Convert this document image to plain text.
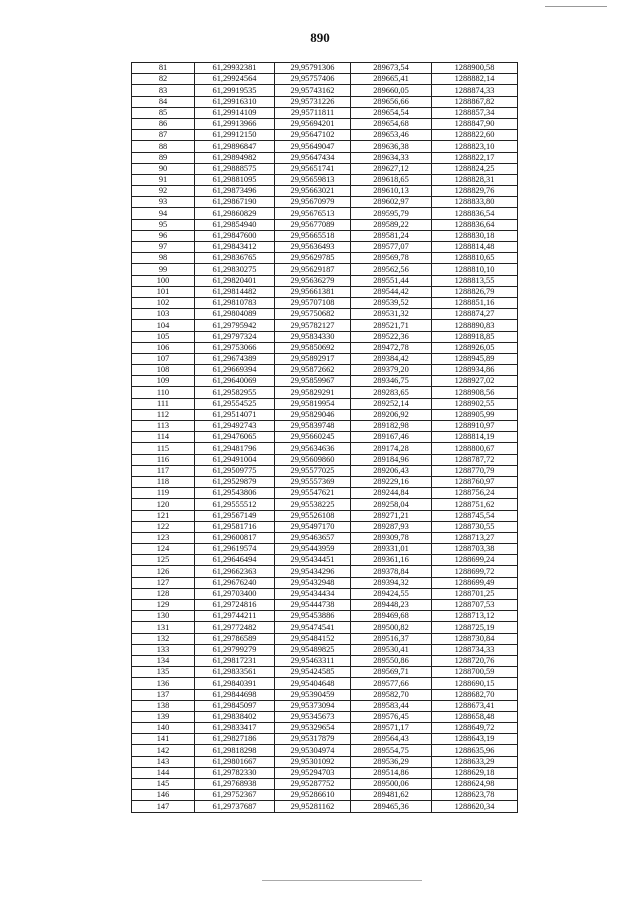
890
81	61,29932381	29,95791306	289673,54	1288900,58
82	61,29924564	29,95757406	289665,41	1288882,14
83	61,29919535	29,95743162	289660,05	1288874,33
84	61,29916310	29,95731226	289656,66	1288867,82
85	61,29914109	29,95711811	289654,54	1288857,34
86	61,29913966	29,95694201	289654,68	1288847,90
87	61,29912150	29,95647102	289653,46	1288822,60
88	61,29896847	29,95649047	289636,38	1288823,10
89	61,29894982	29,95647434	289634,33	1288822,17
90	61,29888575	29,95651741	289627,12	1288824,25
91	61,29881095	29,95659813	289618,65	1288828,31
92	61,29873496	29,95663021	289610,13	1288829,76
93	61,29867190	29,95670979	289602,97	1288833,80
94	61,29860829	29,95676513	289595,79	1288836,54
95	61,29854940	29,95677089	289589,22	1288836,64
96	61,29847600	29,95665518	289581,24	1288830,18
97	61,29843412	29,95636493	289577,07	1288814,48
98	61,29836765	29,95629785	289569,78	1288810,65
99	61,29830275	29,95629187	289562,56	1288810,10
100	61,29820401	29,95636279	289551,44	1288813,55
101	61,29814482	29,95661381	289544,42	1288826,79
102	61,29810783	29,95707108	289539,52	1288851,16
103	61,29804089	29,95750682	289531,32	1288874,27
104	61,29795942	29,95782127	289521,71	1288890,83
105	61,29797324	29,95834330	289522,36	1288918,85
106	61,29753066	29,95850692	289472,78	1288926,05
107	61,29674389	29,95892917	289384,42	1288945,89
108	61,29669394	29,95872662	289379,20	1288934,86
109	61,29640069	29,95859967	289346,75	1288927,02
110	61,29582955	29,95829291	289283,65	1288908,56
111	61,29554525	29,95819954	289252,14	1288902,55
112	61,29514071	29,95829046	289206,92	1288905,99
113	61,29492743	29,95839748	289182,98	1288910,97
114	61,29476065	29,95660245	289167,46	1288814,19
115	61,29481796	29,95634636	289174,28	1288800,67
116	61,29491004	29,95609860	289184,96	1288787,72
117	61,29509775	29,95577025	289206,43	1288770,79
118	61,29529879	29,95557369	289229,16	1288760,97
119	61,29543806	29,95547621	289244,84	1288756,24
120	61,29555512	29,95538225	289258,04	1288751,62
121	61,29567149	29,95526108	289271,21	1288745,54
122	61,29581716	29,95497170	289287,93	1288730,55
123	61,29600817	29,95463657	289309,78	1288713,27
124	61,29619574	29,95443959	289331,01	1288703,38
125	61,29646494	29,95434451	289361,16	1288699,24
126	61,29662363	29,95434296	289378,84	1288699,72
127	61,29676240	29,95432948	289394,32	1288699,49
128	61,29703400	29,95434434	289424,55	1288701,25
129	61,29724816	29,95444738	289448,23	1288707,53
130	61,29744211	29,95453886	289469,68	1288713,12
131	61,29772482	29,95474541	289500,82	1288725,19
132	61,29786589	29,95484152	289516,37	1288730,84
133	61,29799279	29,95489825	289530,41	1288734,33
134	61,29817231	29,95463311	289550,86	1288720,76
135	61,29833561	29,95424585	289569,71	1288700,59
136	61,29840391	29,95404648	289577,66	1288690,15
137	61,29844698	29,95390459	289582,70	1288682,70
138	61,29845097	29,95373094	289583,44	1288673,41
139	61,29838402	29,95345673	289576,45	1288658,48
140	61,29833417	29,95329654	289571,17	1288649,72
141	61,29827186	29,95317879	289564,43	1288643,19
142	61,29818298	29,95304974	289554,75	1288635,96
143	61,29801667	29,95301092	289536,29	1288633,29
144	61,29782330	29,95294703	289514,86	1288629,18
145	61,29768938	29,95287752	289500,06	1288624,98
146	61,29752367	29,95286610	289481,62	1288623,78
147	61,29737687	29,95281162	289465,36	1288620,34
